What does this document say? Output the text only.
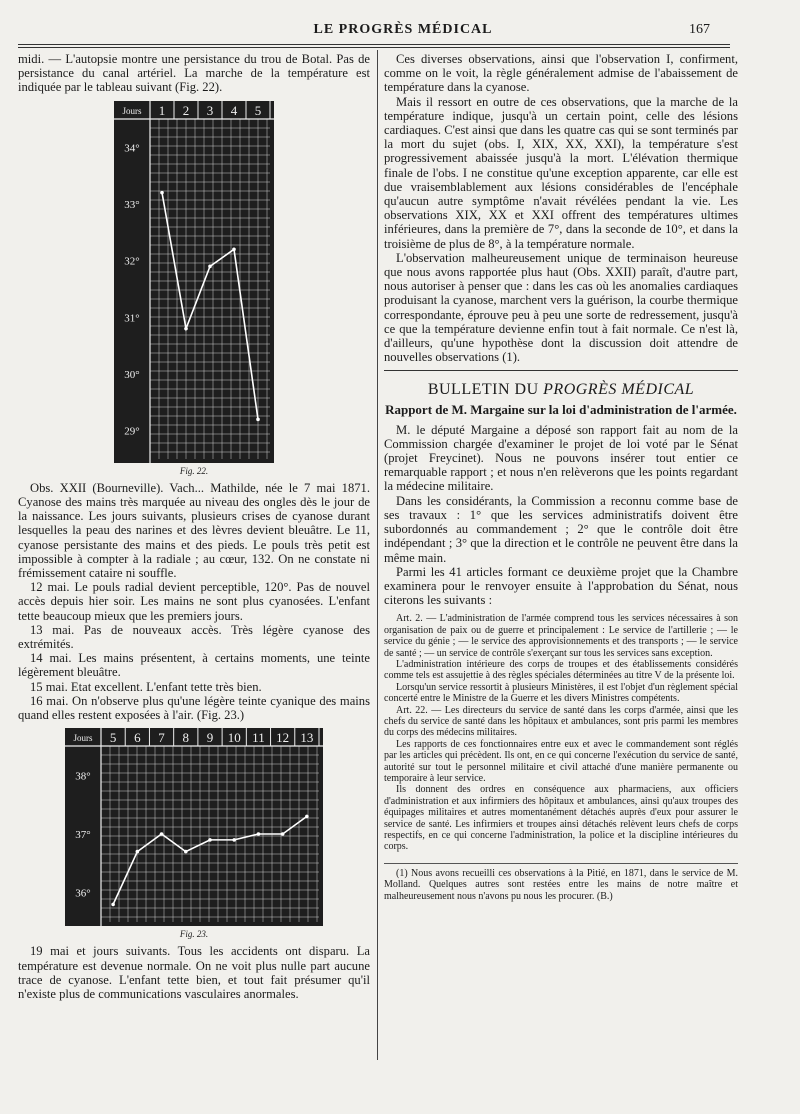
LE PROGRÈS MÉDICAL	167

midi. — L'autopsie montre une persistance du trou de Botal. Pas de persistance du canal artériel. La marche de la température est indiquée par le tableau suivant (Fig. 22).

Jours 1 2 3 4 5
34°
33°
32°
31°
30°
29°
Fig. 22.

Obs. XXII (Bourneville). Vach... Mathilde, née le 7 mai 1871. Cyanose des mains très marquée au niveau des ongles dès le jour de la naissance. Les jours suivants, plusieurs crises de cyanose durant lesquelles la peau des narines et des lèvres devient bleuâtre. Le 11, cyanose persistante des mains et des pieds. Le pouls très petit est impossible à compter à la radiale ; au cœur, 132. On ne constate ni frémissement cataire ni souffle.

12 mai. Le pouls radial devient perceptible, 120°. Pas de nouvel accès depuis hier soir. Les mains ne sont plus cyanosées. L'enfant tette beaucoup mieux que les premiers jours.

13 mai. Pas de nouveaux accès. Très légère cyanose des extrémités.

14 mai. Les mains présentent, à certains moments, une teinte légèrement bleuâtre.

15 mai. Etat excellent. L'enfant tette très bien.

16 mai. On n'observe plus qu'une légère teinte cyanique des mains quand elles restent exposées à l'air. (Fig. 23.)

Jours 5 6 7 8 9 10 11 12 13
38°
37°
36°
Fig. 23.

19 mai et jours suivants. Tous les accidents ont disparu. La température est devenue normale. On ne voit plus nulle part aucune trace de cyanose. L'enfant tette bien, et tout fait présumer qu'il n'existe plus de communications vasculaires anormales.

Ces diverses observations, ainsi que l'observation I, confirment, comme on le voit, la règle généralement admise de l'abaissement de température dans la cyanose.

Mais il ressort en outre de ces observations, que la marche de la température indique, jusqu'à un certain point, celle des lésions cardiaques. C'est ainsi que dans les quatre cas qui se sont terminés par la mort du sujet (obs. I, XIX, XX, XXI), la température s'est progressivement abaissée jusqu'à la mort. L'élévation thermique finale de l'obs. I ne constitue qu'une exception apparente, car elle est due vraisemblablement aux lésions considérables de l'encéphale qu'aucun autre symptôme n'avait révélées pendant la vie. Les observations XIX, XX et XXI offrent des températures ultimes inférieures, dans la première de 7°, dans la seconde de 10°, et dans la troisième de plus de 8°, à la température normale.

L'observation malheureusement unique de terminaison heureuse que nous avons rapportée plus haut (Obs. XXII) paraît, d'autre part, nous autoriser à penser que : dans les cas où les anomalies cardiaques produisant la cyanose, marchent vers la guérison, la courbe thermique correspondante, éprouve peu à peu une sorte de redressement, jusqu'à ce que la température devienne enfin tout à fait normale. Ce n'est là, d'ailleurs, qu'une hypothèse dont la discussion doit attendre de nouvelles observations (1).

BULLETIN DU PROGRÈS MÉDICAL
Rapport de M. Margaine sur la loi d'administration de l'armée.

M. le député Margaine a déposé son rapport fait au nom de la Commission chargée d'examiner le projet de loi voté par le Sénat (projet Freycinet). Nous ne pouvons insérer tout entier ce remarquable rapport ; et nous n'en relèverons que les points regardant la médecine militaire.

Dans les considérants, la Commission a reconnu comme base de ses travaux : 1° que les services administratifs doivent être subordonnés au commandement ; 2° que le contrôle doit être indépendant ; 3° que la direction et le contrôle ne peuvent être dans la même main.

Parmi les 41 articles formant ce deuxième projet que la Chambre examinera pour le renvoyer ensuite à l'approbation du Sénat, nous citerons les suivants :

Art. 2. — L'administration de l'armée comprend tous les services nécessaires à son organisation de paix ou de guerre et principalement : Le service de l'artillerie ; — le service du génie ; — le service des approvisionnements et des transports ; — le service de santé ; — un service de contrôle s'exerçant sur tous les services sans exception.

L'administration intérieure des corps de troupes et des établissements considérés comme tels est assujettie à des règles spéciales déterminées au titre V de la présente loi.

Lorsqu'un service ressortit à plusieurs Ministères, il est l'objet d'un règlement spécial concerté entre le Ministre de la Guerre et les divers Ministres compétents.

Art. 22. — Les directeurs du service de santé dans les corps d'armée, ainsi que les chefs du service de santé dans les hôpitaux et ambulances, sont pris parmi les membres du corps des médecins militaires.

Les rapports de ces fonctionnaires entre eux et avec le commandement sont réglés par les articles qui précèdent. Ils ont, en ce qui concerne l'exécution du service de santé, autorité sur tout le personnel militaire et civil attaché d'une manière permanente ou temporaire à leur service.

Ils donnent des ordres en conséquence aux pharmaciens, aux officiers d'administration et aux infirmiers des hôpitaux et ambulances, ainsi qu'aux troupes des équipages militaires et autres momentanément détachés auprès d'eux pour assurer le service de santé. Les infirmiers et troupes ainsi détachés relèvent leurs chefs de corps respectifs, en ce qui concerne l'administration, la police et la discipline intérieures du corps.

(1) Nous avons recueilli ces observations à la Pitié, en 1871, dans le service de M. Molland. Quelques autres sont restées entre les mains de notre maître et malheureusement nous n'avons pu nous les procurer. (B.)
